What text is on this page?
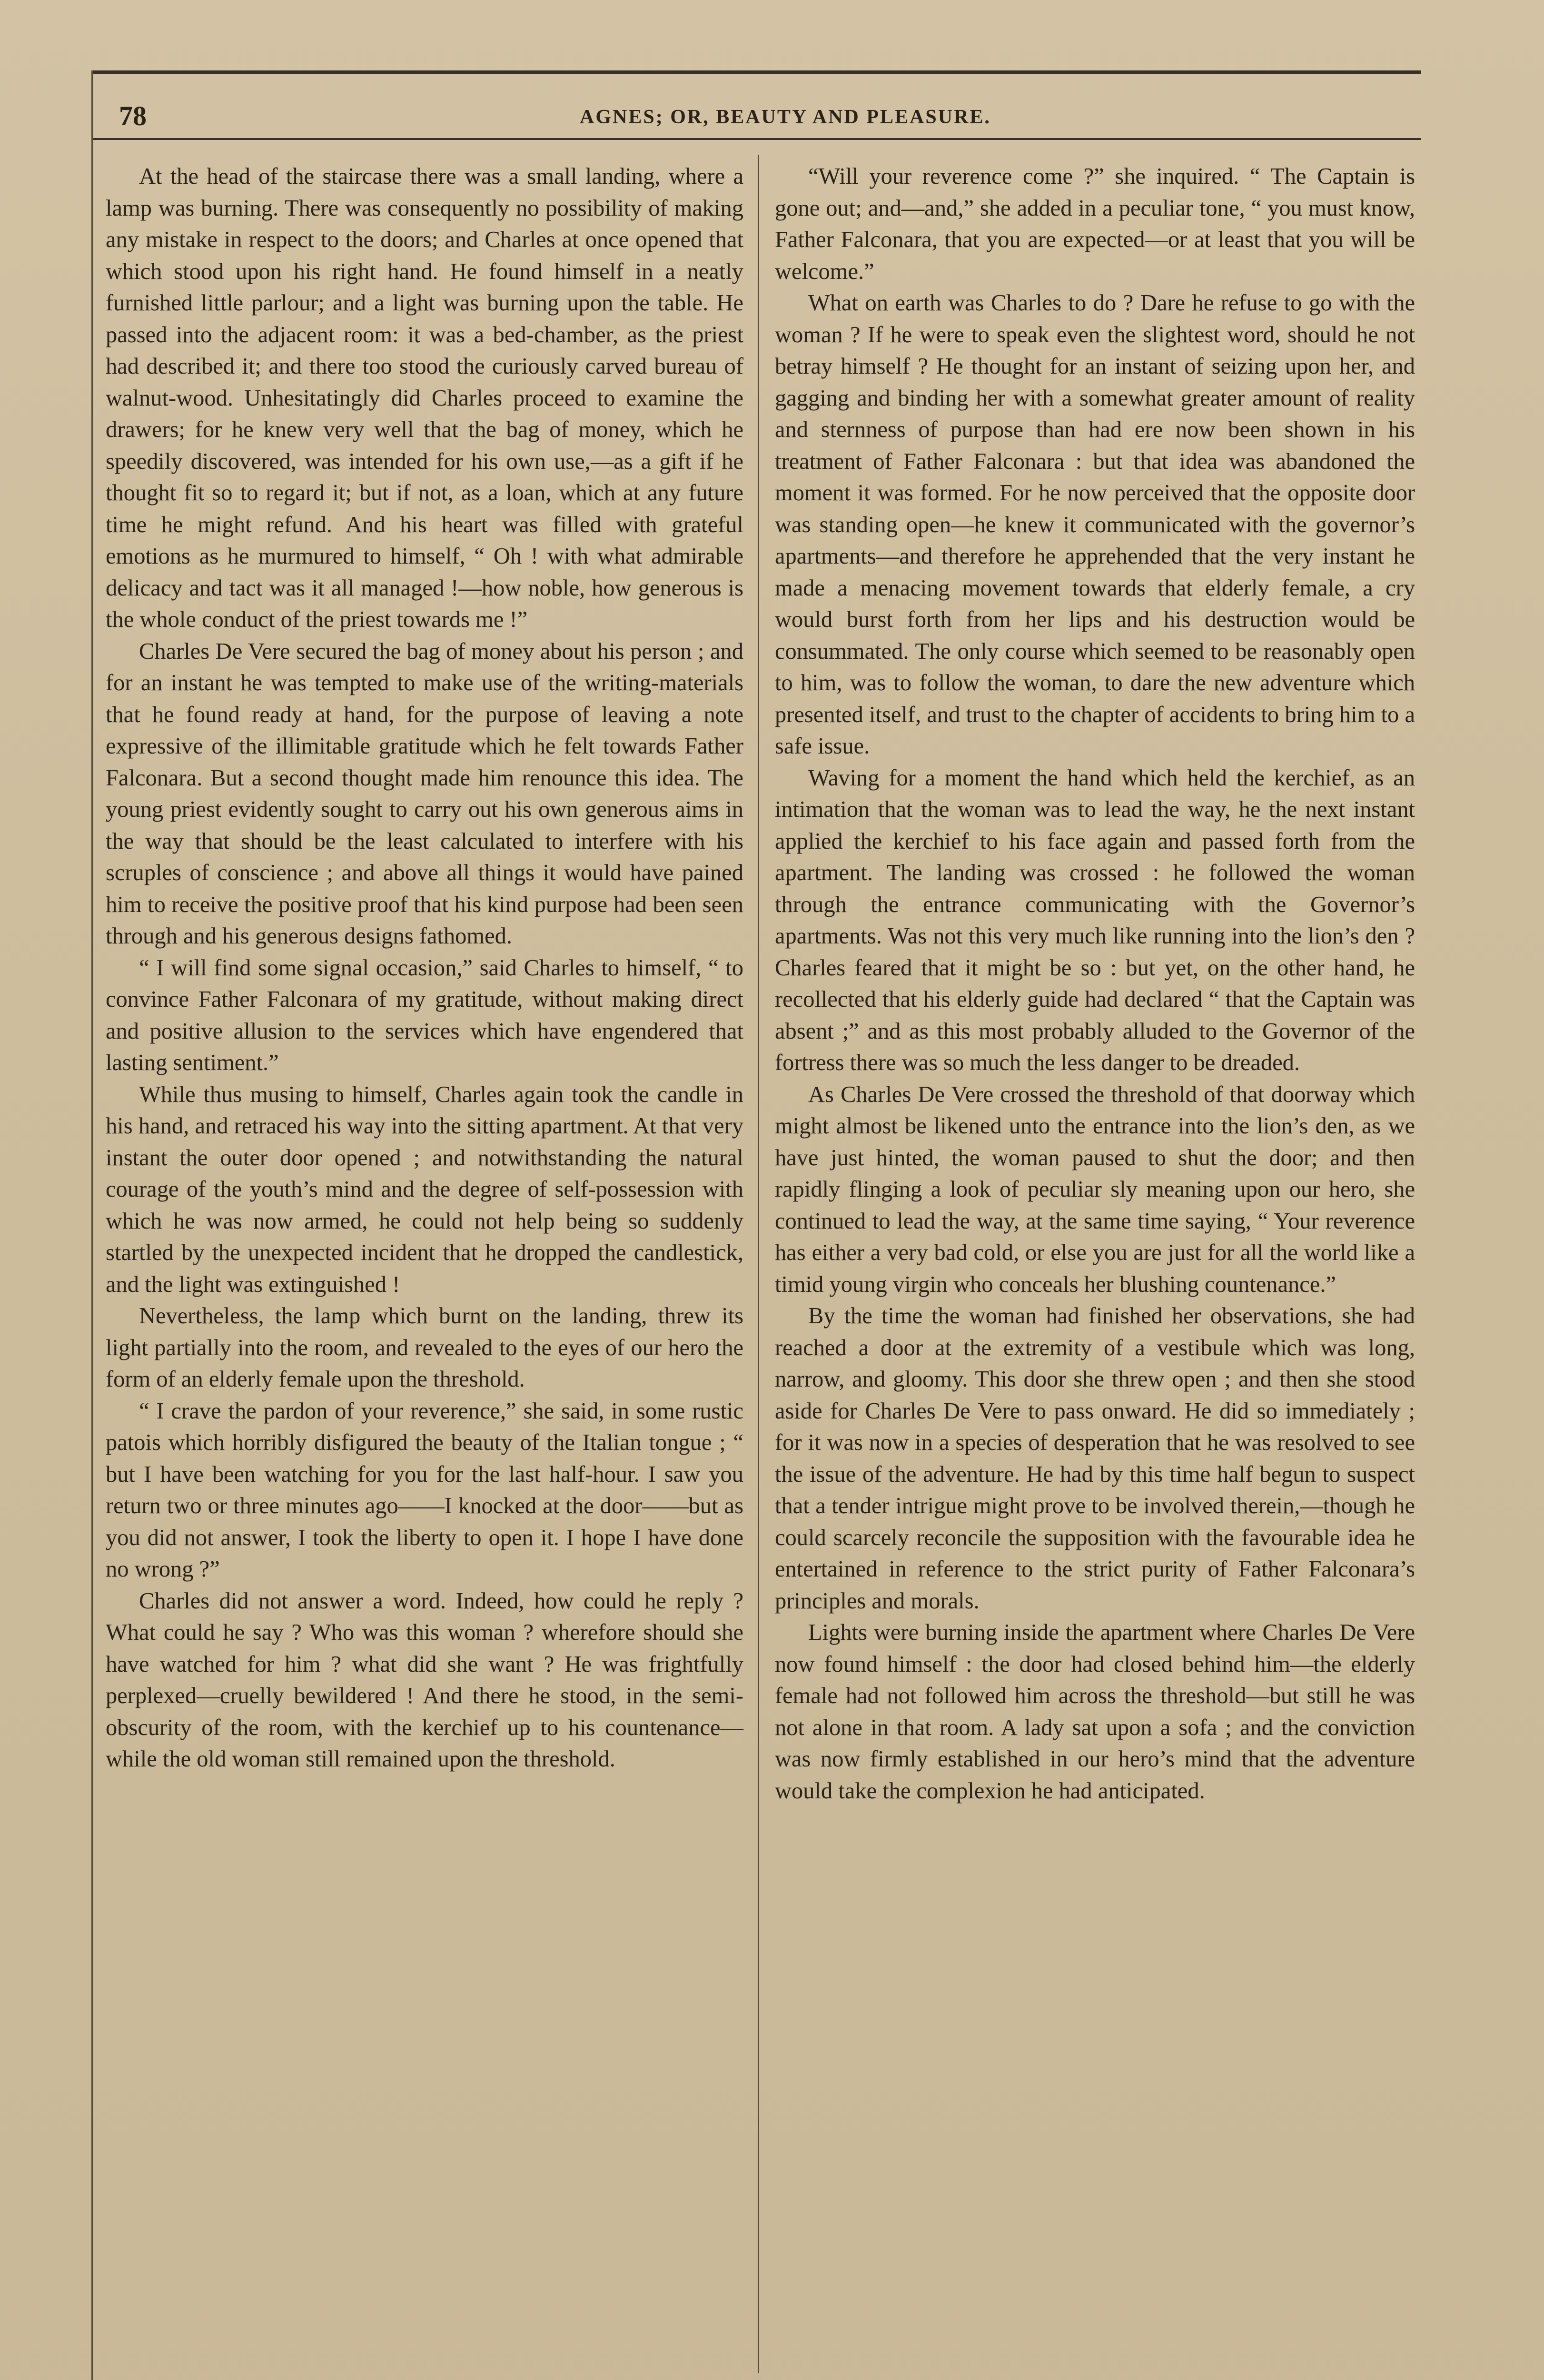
78	AGNES; OR, BEAUTY AND PLEASURE.

At the head of the staircase there was a small landing, where a lamp was burning. There was consequently no possibility of making any mistake in respect to the doors; and Charles at once opened that which stood upon his right hand. He found himself in a neatly furnished little parlour; and a light was burning upon the table. He passed into the adjacent room: it was a bed-chamber, as the priest had described it; and there too stood the curiously carved bureau of walnut-wood. Unhesitatingly did Charles proceed to examine the drawers; for he knew very well that the bag of money, which he speedily discovered, was intended for his own use,—as a gift if he thought fit so to regard it; but if not, as a loan, which at any future time he might refund. And his heart was filled with grateful emotions as he murmured to himself, “ Oh ! with what admirable delicacy and tact was it all managed !—how noble, how generous is the whole conduct of the priest towards me !”

Charles De Vere secured the bag of money about his person ; and for an instant he was tempted to make use of the writing-materials that he found ready at hand, for the purpose of leaving a note expressive of the illimitable gratitude which he felt towards Father Falconara. But a second thought made him renounce this idea. The young priest evidently sought to carry out his own generous aims in the way that should be the least calculated to interfere with his scruples of conscience ; and above all things it would have pained him to receive the positive proof that his kind purpose had been seen through and his generous designs fathomed.

“ I will find some signal occasion,” said Charles to himself, “ to convince Father Falconara of my gratitude, without making direct and positive allusion to the services which have engendered that lasting sentiment.”

While thus musing to himself, Charles again took the candle in his hand, and retraced his way into the sitting apartment. At that very instant the outer door opened ; and notwithstanding the natural courage of the youth’s mind and the degree of self-possession with which he was now armed, he could not help being so suddenly startled by the unexpected incident that he dropped the candlestick, and the light was extinguished !

Nevertheless, the lamp which burnt on the landing, threw its light partially into the room, and revealed to the eyes of our hero the form of an elderly female upon the threshold.

“ I crave the pardon of your reverence,” she said, in some rustic patois which horribly disfigured the beauty of the Italian tongue ; “ but I have been watching for you for the last half-hour. I saw you return two or three minutes ago——I knocked at the door——but as you did not answer, I took the liberty to open it. I hope I have done no wrong ?”

Charles did not answer a word. Indeed, how could he reply ? What could he say ? Who was this woman ? wherefore should she have watched for him ? what did she want ? He was frightfully perplexed—cruelly bewildered ! And there he stood, in the semi-obscurity of the room, with the kerchief up to his countenance—while the old woman still remained upon the threshold.

“Will your reverence come ?” she inquired. “ The Captain is gone out; and—and,” she added in a peculiar tone, “ you must know, Father Falconara, that you are expected—or at least that you will be welcome.”

What on earth was Charles to do ? Dare he refuse to go with the woman ? If he were to speak even the slightest word, should he not betray himself ? He thought for an instant of seizing upon her, and gagging and binding her with a somewhat greater amount of reality and sternness of purpose than had ere now been shown in his treatment of Father Falconara : but that idea was abandoned the moment it was formed. For he now perceived that the opposite door was standing open—he knew it communicated with the governor’s apartments—and therefore he apprehended that the very instant he made a menacing movement towards that elderly female, a cry would burst forth from her lips and his destruction would be consummated. The only course which seemed to be reasonably open to him, was to follow the woman, to dare the new adventure which presented itself, and trust to the chapter of accidents to bring him to a safe issue.

Waving for a moment the hand which held the kerchief, as an intimation that the woman was to lead the way, he the next instant applied the kerchief to his face again and passed forth from the apartment. The landing was crossed : he followed the woman through the entrance communicating with the Governor’s apartments. Was not this very much like running into the lion’s den ? Charles feared that it might be so : but yet, on the other hand, he recollected that his elderly guide had declared “ that the Captain was absent ;” and as this most probably alluded to the Governor of the fortress there was so much the less danger to be dreaded.

As Charles De Vere crossed the threshold of that doorway which might almost be likened unto the entrance into the lion’s den, as we have just hinted, the woman paused to shut the door; and then rapidly flinging a look of peculiar sly meaning upon our hero, she continued to lead the way, at the same time saying, “ Your reverence has either a very bad cold, or else you are just for all the world like a timid young virgin who conceals her blushing countenance.”

By the time the woman had finished her observations, she had reached a door at the extremity of a vestibule which was long, narrow, and gloomy. This door she threw open ; and then she stood aside for Charles De Vere to pass onward. He did so immediately ; for it was now in a species of desperation that he was resolved to see the issue of the adventure. He had by this time half begun to suspect that a tender intrigue might prove to be involved therein,—though he could scarcely reconcile the supposition with the favourable idea he entertained in reference to the strict purity of Father Falconara’s principles and morals.

Lights were burning inside the apartment where Charles De Vere now found himself : the door had closed behind him—the elderly female had not followed him across the threshold—but still he was not alone in that room. A lady sat upon a sofa ; and the conviction was now firmly established in our hero’s mind that the adventure would take the complexion he had anticipated.
